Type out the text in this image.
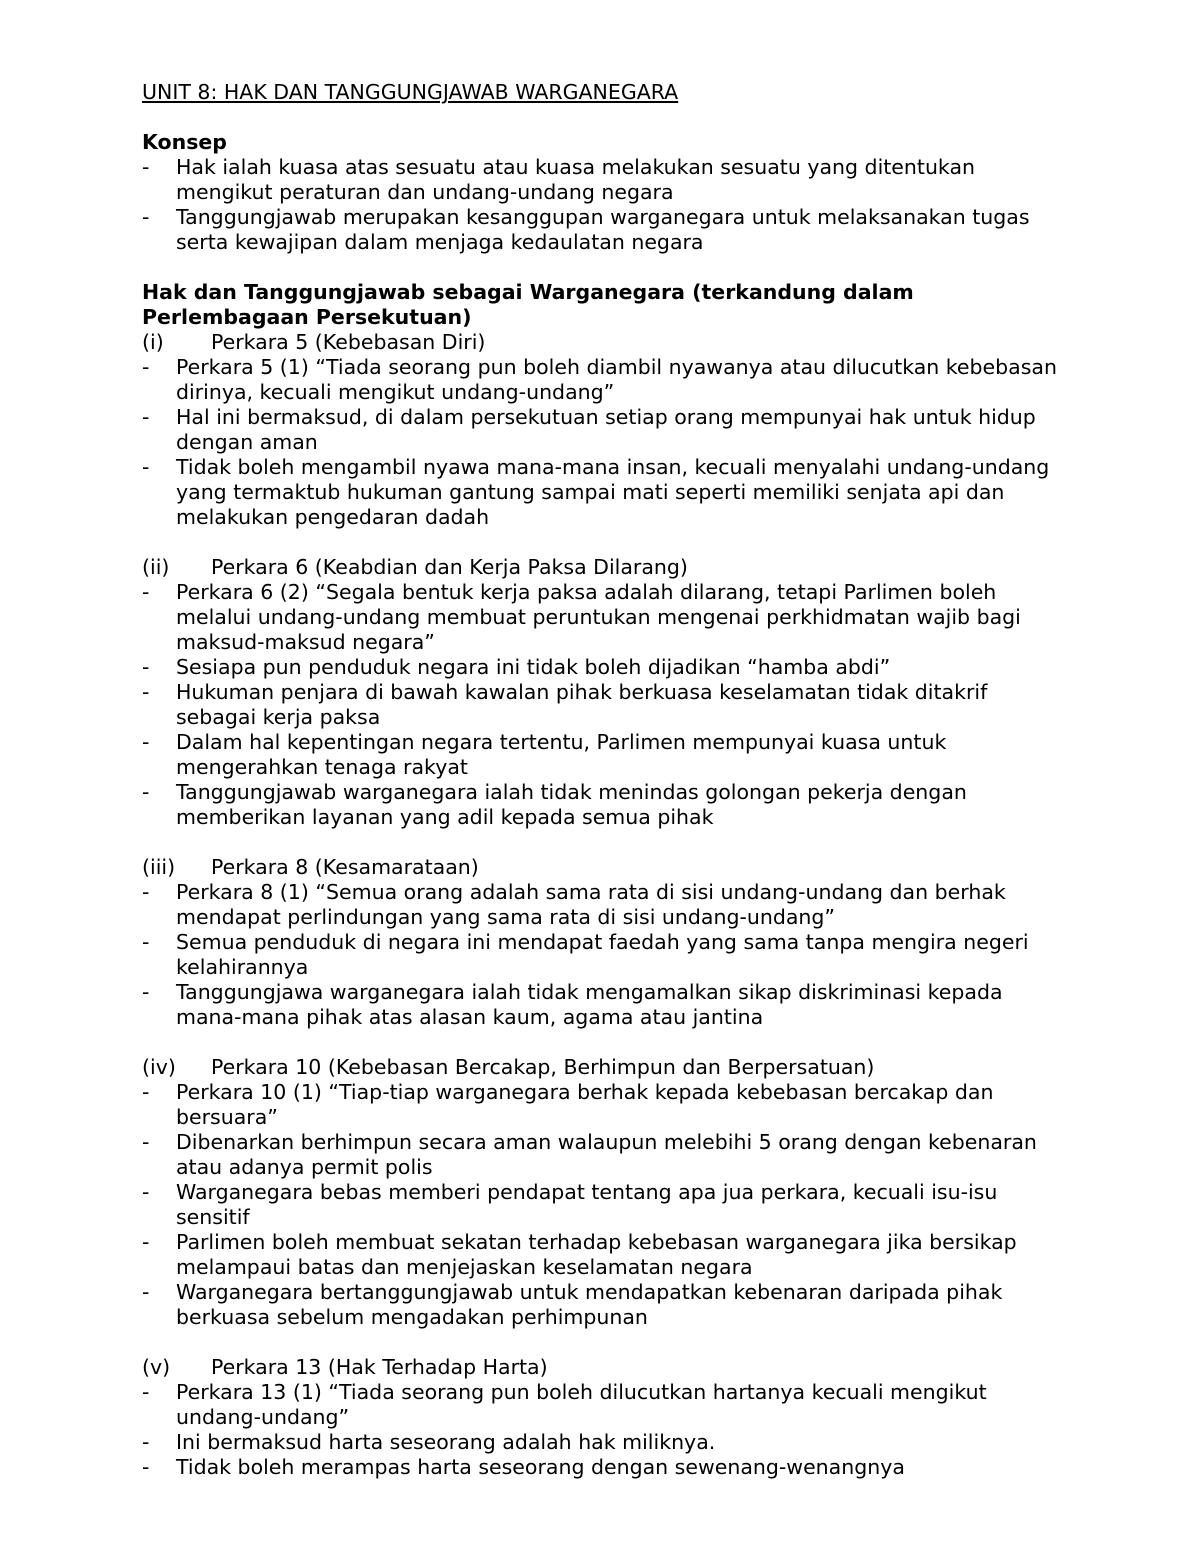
UNIT 8: HAK DAN TANGGUNGJAWAB WARGANEGARA
Konsep
-	Hak ialah kuasa atas sesuatu atau kuasa melakukan sesuatu yang ditentukan mengikut peraturan dan undang-undang negara
-	Tanggungjawab merupakan kesanggupan warganegara untuk melaksanakan tugas serta kewajipan dalam menjaga kedaulatan negara
Hak dan Tanggungjawab sebagai Warganegara (terkandung dalam Perlembagaan Persekutuan)
(i)	Perkara 5 (Kebebasan Diri)
-	Perkara 5 (1) “Tiada seorang pun boleh diambil nyawanya atau dilucutkan kebebasan dirinya, kecuali mengikut undang-undang”
-	Hal ini bermaksud, di dalam persekutuan setiap orang mempunyai hak untuk hidup dengan aman
-	Tidak boleh mengambil nyawa mana-mana insan, kecuali menyalahi undang-undang yang termaktub hukuman gantung sampai mati seperti memiliki senjata api dan melakukan pengedaran dadah
(ii)	Perkara 6 (Keabdian dan Kerja Paksa Dilarang)
-	Perkara 6 (2) “Segala bentuk kerja paksa adalah dilarang, tetapi Parlimen boleh melalui undang-undang membuat peruntukan mengenai perkhidmatan wajib bagi maksud-maksud negara”
-	Sesiapa pun penduduk negara ini tidak boleh dijadikan “hamba abdi”
-	Hukuman penjara di bawah kawalan pihak berkuasa keselamatan tidak ditakrif sebagai kerja paksa
-	Dalam hal kepentingan negara tertentu, Parlimen mempunyai kuasa untuk mengerahkan tenaga rakyat
-	Tanggungjawab warganegara ialah tidak menindas golongan pekerja dengan memberikan layanan yang adil kepada semua pihak
(iii)	Perkara 8 (Kesamarataan)
-	Perkara 8 (1) “Semua orang adalah sama rata di sisi undang-undang dan berhak mendapat perlindungan yang sama rata di sisi undang-undang”
-	Semua penduduk di negara ini mendapat faedah yang sama tanpa mengira negeri kelahirannya
-	Tanggungjawa warganegara ialah tidak mengamalkan sikap diskriminasi kepada mana-mana pihak atas alasan kaum, agama atau jantina
(iv)	Perkara 10 (Kebebasan Bercakap, Berhimpun dan Berpersatuan)
-	Perkara 10 (1) “Tiap-tiap warganegara berhak kepada kebebasan bercakap dan bersuara”
-	Dibenarkan berhimpun secara aman walaupun melebihi 5 orang dengan kebenaran atau adanya permit polis
-	Warganegara bebas memberi pendapat tentang apa jua perkara, kecuali isu-isu sensitif
-	Parlimen boleh membuat sekatan terhadap kebebasan warganegara jika bersikap melampaui batas dan menjejaskan keselamatan negara
-	Warganegara bertanggungjawab untuk mendapatkan kebenaran daripada pihak berkuasa sebelum mengadakan perhimpunan
(v)	Perkara 13 (Hak Terhadap Harta)
-	Perkara 13 (1) “Tiada seorang pun boleh dilucutkan hartanya kecuali mengikut undang-undang”
-	Ini bermaksud harta seseorang adalah hak miliknya.
-	Tidak boleh merampas harta seseorang dengan sewenang-wenangnya
